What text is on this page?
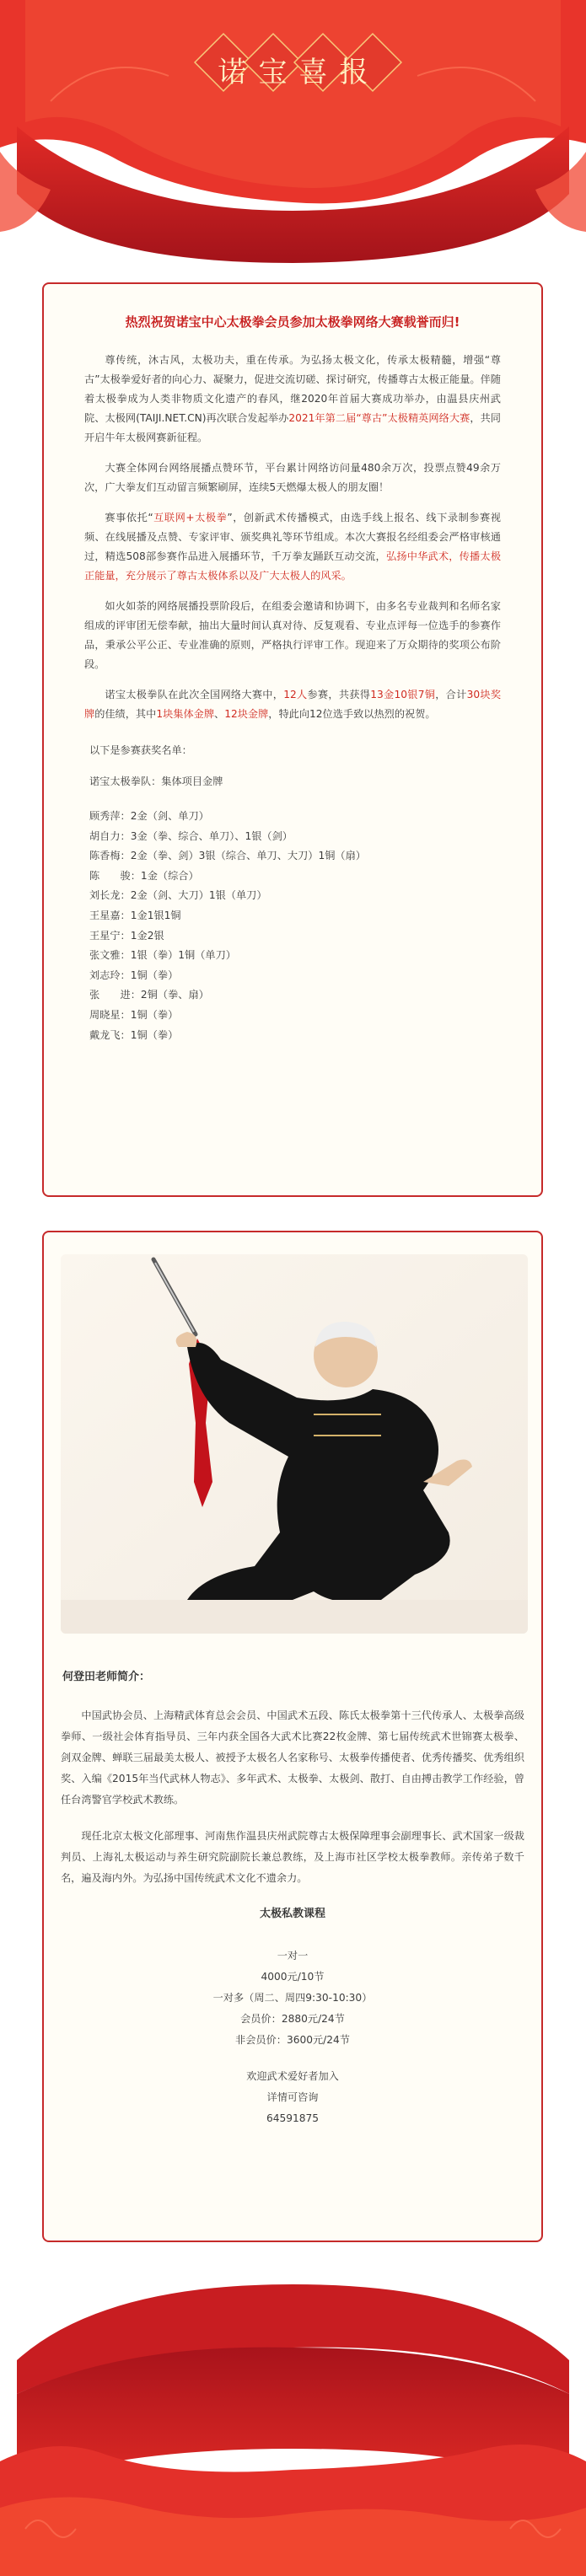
诺宝喜报

热烈祝贺诺宝中心太极拳会员参加太极拳网络大赛载誉而归!

尊传统，沐古风，太极功夫，重在传承。为弘扬太极文化，传承太极精髓，增强“尊古”太极拳爱好者的向心力、凝聚力，促进交流切磋、探讨研究，传播尊古太极正能量。伴随着太极拳成为人类非物质文化遗产的春风，继2020年首届大赛成功举办，由温县庆州武院、太极网(TAIJI.NET.CN)再次联合发起举办2021年第二届“尊古”太极精英网络大赛，共同开启牛年太极网赛新征程。

大赛全体网台网络展播点赞环节，平台累计网络访问量480余万次，投票点赞49余万次，广大拳友们互动留言频繁刷屏，连续5天燃爆太极人的朋友圈！

赛事依托“互联网+太极拳”，创新武术传播模式，由选手线上报名、线下录制参赛视频、在线展播及点赞、专家评审、颁奖典礼等环节组成。本次大赛报名经组委会严格审核通过，精选508部参赛作品进入展播环节，千万拳友踊跃互动交流，弘扬中华武术，传播太极正能量，充分展示了尊古太极体系以及广大太极人的风采。

如火如荼的网络展播投票阶段后，在组委会邀请和协调下，由多名专业裁判和名师名家组成的评审团无偿奉献，抽出大量时间认真对待、反复观看、专业点评每一位选手的参赛作品，秉承公平公正、专业准确的原则，严格执行评审工作。现迎来了万众期待的奖项公布阶段。

诺宝太极拳队在此次全国网络大赛中，12人参赛，共获得13金10银7铜，合计30块奖牌的佳绩，其中1块集体金牌、12块金牌，特此向12位选手致以热烈的祝贺。

以下是参赛获奖名单：

诺宝太极拳队：集体项目金牌

顾秀萍：2金（剑、单刀）
胡自力：3金（拳、综合、单刀）、1银（剑）
陈香梅：2金（拳、剑）3银（综合、单刀、大刀）1铜（扇）
陈　　骏：1金（综合）
刘长龙：2金（剑、大刀）1银（单刀）
王星嘉：1金1银1铜
王星宁：1金2银
张文雅：1银（拳）1铜（单刀）
刘志玲：1铜（拳）
张　　进：2铜（拳、扇）
周晓星：1铜（拳）
戴龙飞：1铜（拳）

何登田老师简介：

中国武协会员、上海精武体育总会会员、中国武术五段、陈氏太极拳第十三代传承人、太极拳高级拳师、一级社会体育指导员、三年内获全国各大武术比赛22枚金牌、第七届传统武术世锦赛太极拳、剑双金牌、蝉联三届最美太极人、被授予太极名人名家称号、太极拳传播使者、优秀传播奖、优秀组织奖、入编《2015年当代武林人物志》、多年武术、太极拳、太极剑、散打、自由搏击教学工作经验，曾任台湾警官学校武术教练。

现任北京太极文化部理事、河南焦作温县庆州武院尊古太极保障理事会副理事长、武术国家一级裁判员、上海礼太极运动与养生研究院副院长兼总教练，及上海市社区学校太极拳教师。亲传弟子数千名，遍及海内外。为弘扬中国传统武术文化不遗余力。

太极私教课程

一对一

4000元/10节

一对多（周二、周四9:30-10:30）

会员价：2880元/24节

非会员价：3600元/24节

欢迎武术爱好者加入

详情可咨询

64591875
